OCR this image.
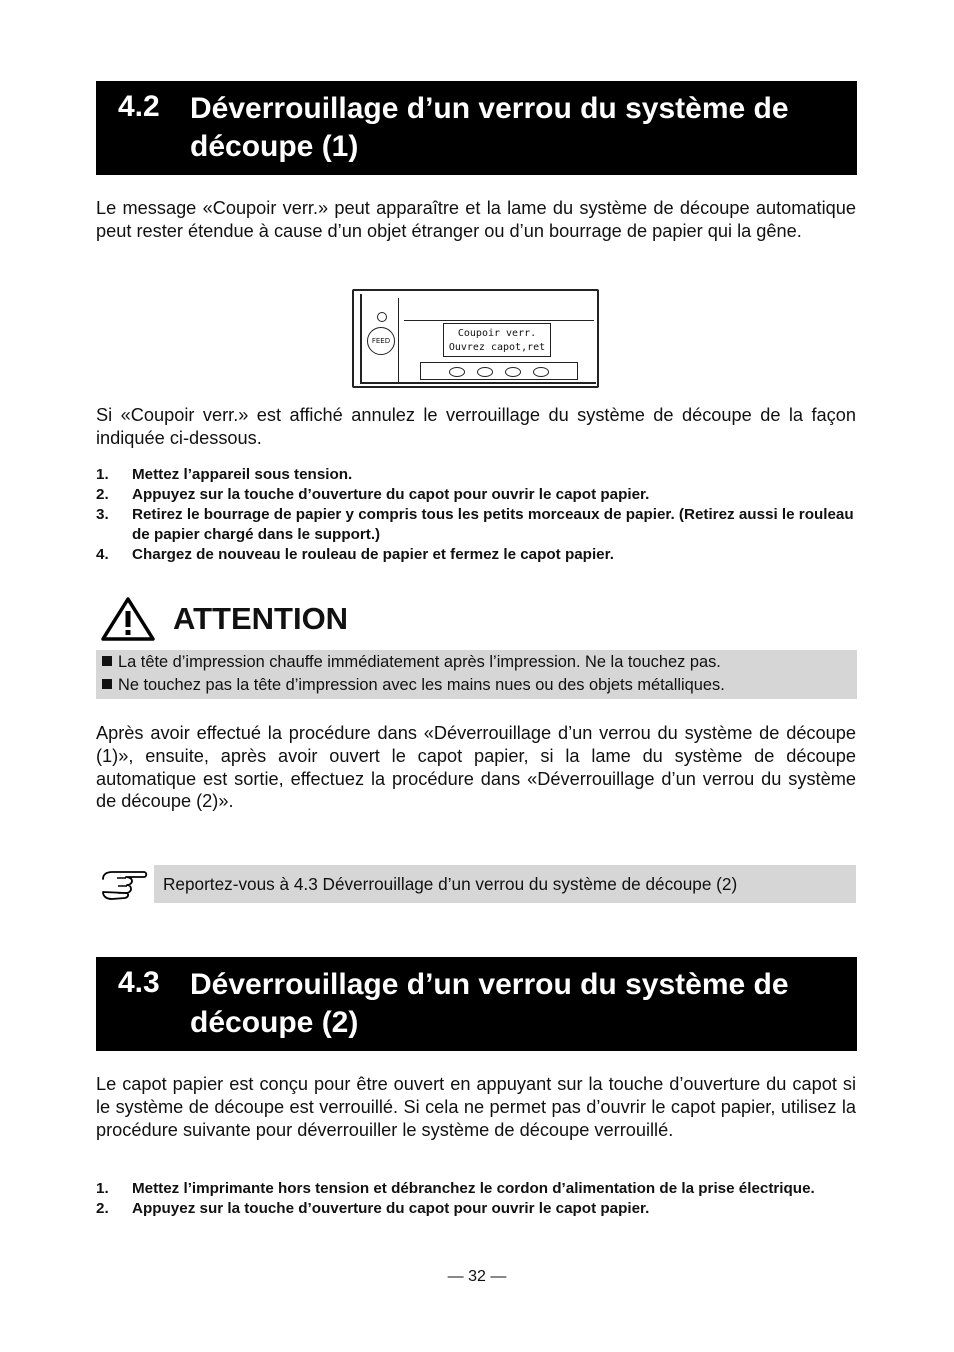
4.2 Déverrouillage d’un verrou du système de découpe (1)

Le message «Coupoir verr.» peut apparaître et la lame du système de découpe automatique peut rester étendue à cause d’un objet étranger ou d’un bourrage de papier qui la gêne.

FEED
Coupoir verr.
Ouvrez capot,ret

Si «Coupoir verr.» est affiché annulez le verrouillage du système de découpe de la façon indiquée ci-dessous.

1. Mettez l’appareil sous tension.
2. Appuyez sur la touche d’ouverture du capot pour ouvrir le capot papier.
3. Retirez le bourrage de papier y compris tous les petits morceaux de papier. (Retirez aussi le rouleau de papier chargé dans le support.)
4. Chargez de nouveau le rouleau de papier et fermez le capot papier.
ATTENTION
La tête d’impression chauffe immédiatement après l’impression. Ne la touchez pas.
Ne touchez pas la tête d’impression avec les mains nues ou des objets métalliques.

Après avoir effectué la procédure dans «Déverrouillage d’un verrou du système de découpe (1)», ensuite, après avoir ouvert le capot papier, si la lame du système de découpe automatique est sortie, effectuez la procédure dans «Déverrouillage d’un verrou du système de découpe (2)».

Reportez-vous à 4.3 Déverrouillage d’un verrou du système de découpe (2)
4.3 Déverrouillage d’un verrou du système de découpe (2)

Le capot papier est conçu pour être ouvert en appuyant sur la touche d’ouverture du capot si le système de découpe est verrouillé. Si cela ne permet pas d’ouvrir le capot papier, utilisez la procédure suivante pour déverrouiller le système de découpe verrouillé.

1. Mettez l’imprimante hors tension et débranchez le cordon d’alimentation de la prise électrique.
2. Appuyez sur la touche d’ouverture du capot pour ouvrir le capot papier.
— 32 —
